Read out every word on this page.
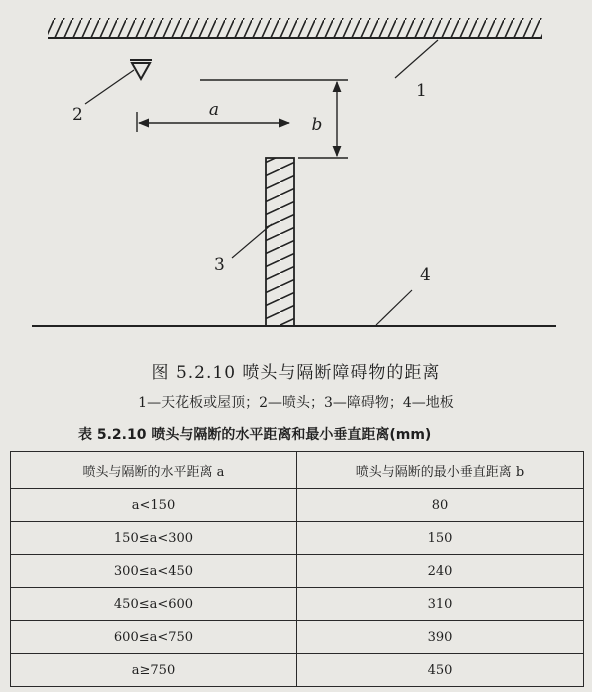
a
b
1
2
3	4
图 5.2.10 喷头与隔断障碍物的距离
1—天花板或屋顶；2—喷头；3—障碍物；4—地板
表 5.2.10 喷头与隔断的水平距离和最小垂直距离(mm)
喷头与隔断的水平距离 a	喷头与隔断的最小垂直距离 b
a<150	80
150≤a<300	150
300≤a<450	240
450≤a<600	310
600≤a<750	390
a≥750	450
